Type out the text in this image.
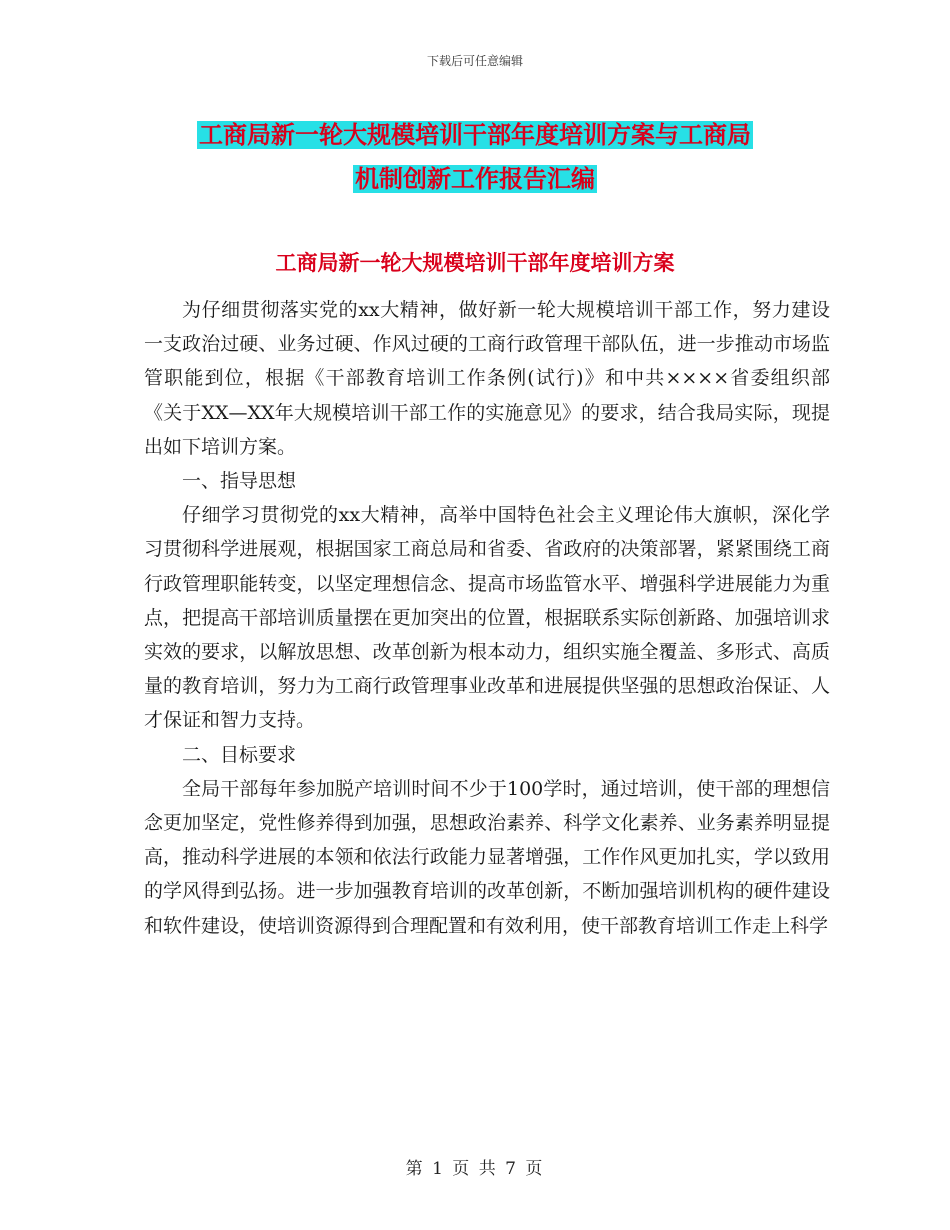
下载后可任意编辑
工商局新一轮大规模培训干部年度培训方案与工商局
机制创新工作报告汇编
工商局新一轮大规模培训干部年度培训方案

为仔细贯彻落实党的xx大精神，做好新一轮大规模培训干部工作，努力建设一支政治过硬、业务过硬、作风过硬的工商行政管理干部队伍，进一步推动市场监管职能到位，根据《干部教育培训工作条例(试行)》和中共××××省委组织部《关于XX—XX年大规模培训干部工作的实施意见》的要求，结合我局实际，现提出如下培训方案。

一、指导思想

仔细学习贯彻党的xx大精神，高举中国特色社会主义理论伟大旗帜，深化学习贯彻科学进展观，根据国家工商总局和省委、省政府的决策部署，紧紧围绕工商行政管理职能转变，以坚定理想信念、提高市场监管水平、增强科学进展能力为重点，把提高干部培训质量摆在更加突出的位置，根据联系实际创新路、加强培训求实效的要求，以解放思想、改革创新为根本动力，组织实施全覆盖、多形式、高质量的教育培训，努力为工商行政管理事业改革和进展提供坚强的思想政治保证、人才保证和智力支持。

二、目标要求

全局干部每年参加脱产培训时间不少于100学时，通过培训，使干部的理想信念更加坚定，党性修养得到加强，思想政治素养、科学文化素养、业务素养明显提高，推动科学进展的本领和依法行政能力显著增强，工作作风更加扎实，学以致用的学风得到弘扬。进一步加强教育培训的改革创新，不断加强培训机构的硬件建设和软件建设，使培训资源得到合理配置和有效利用，使干部教育培训工作走上科学

第 1 页 共 7 页
